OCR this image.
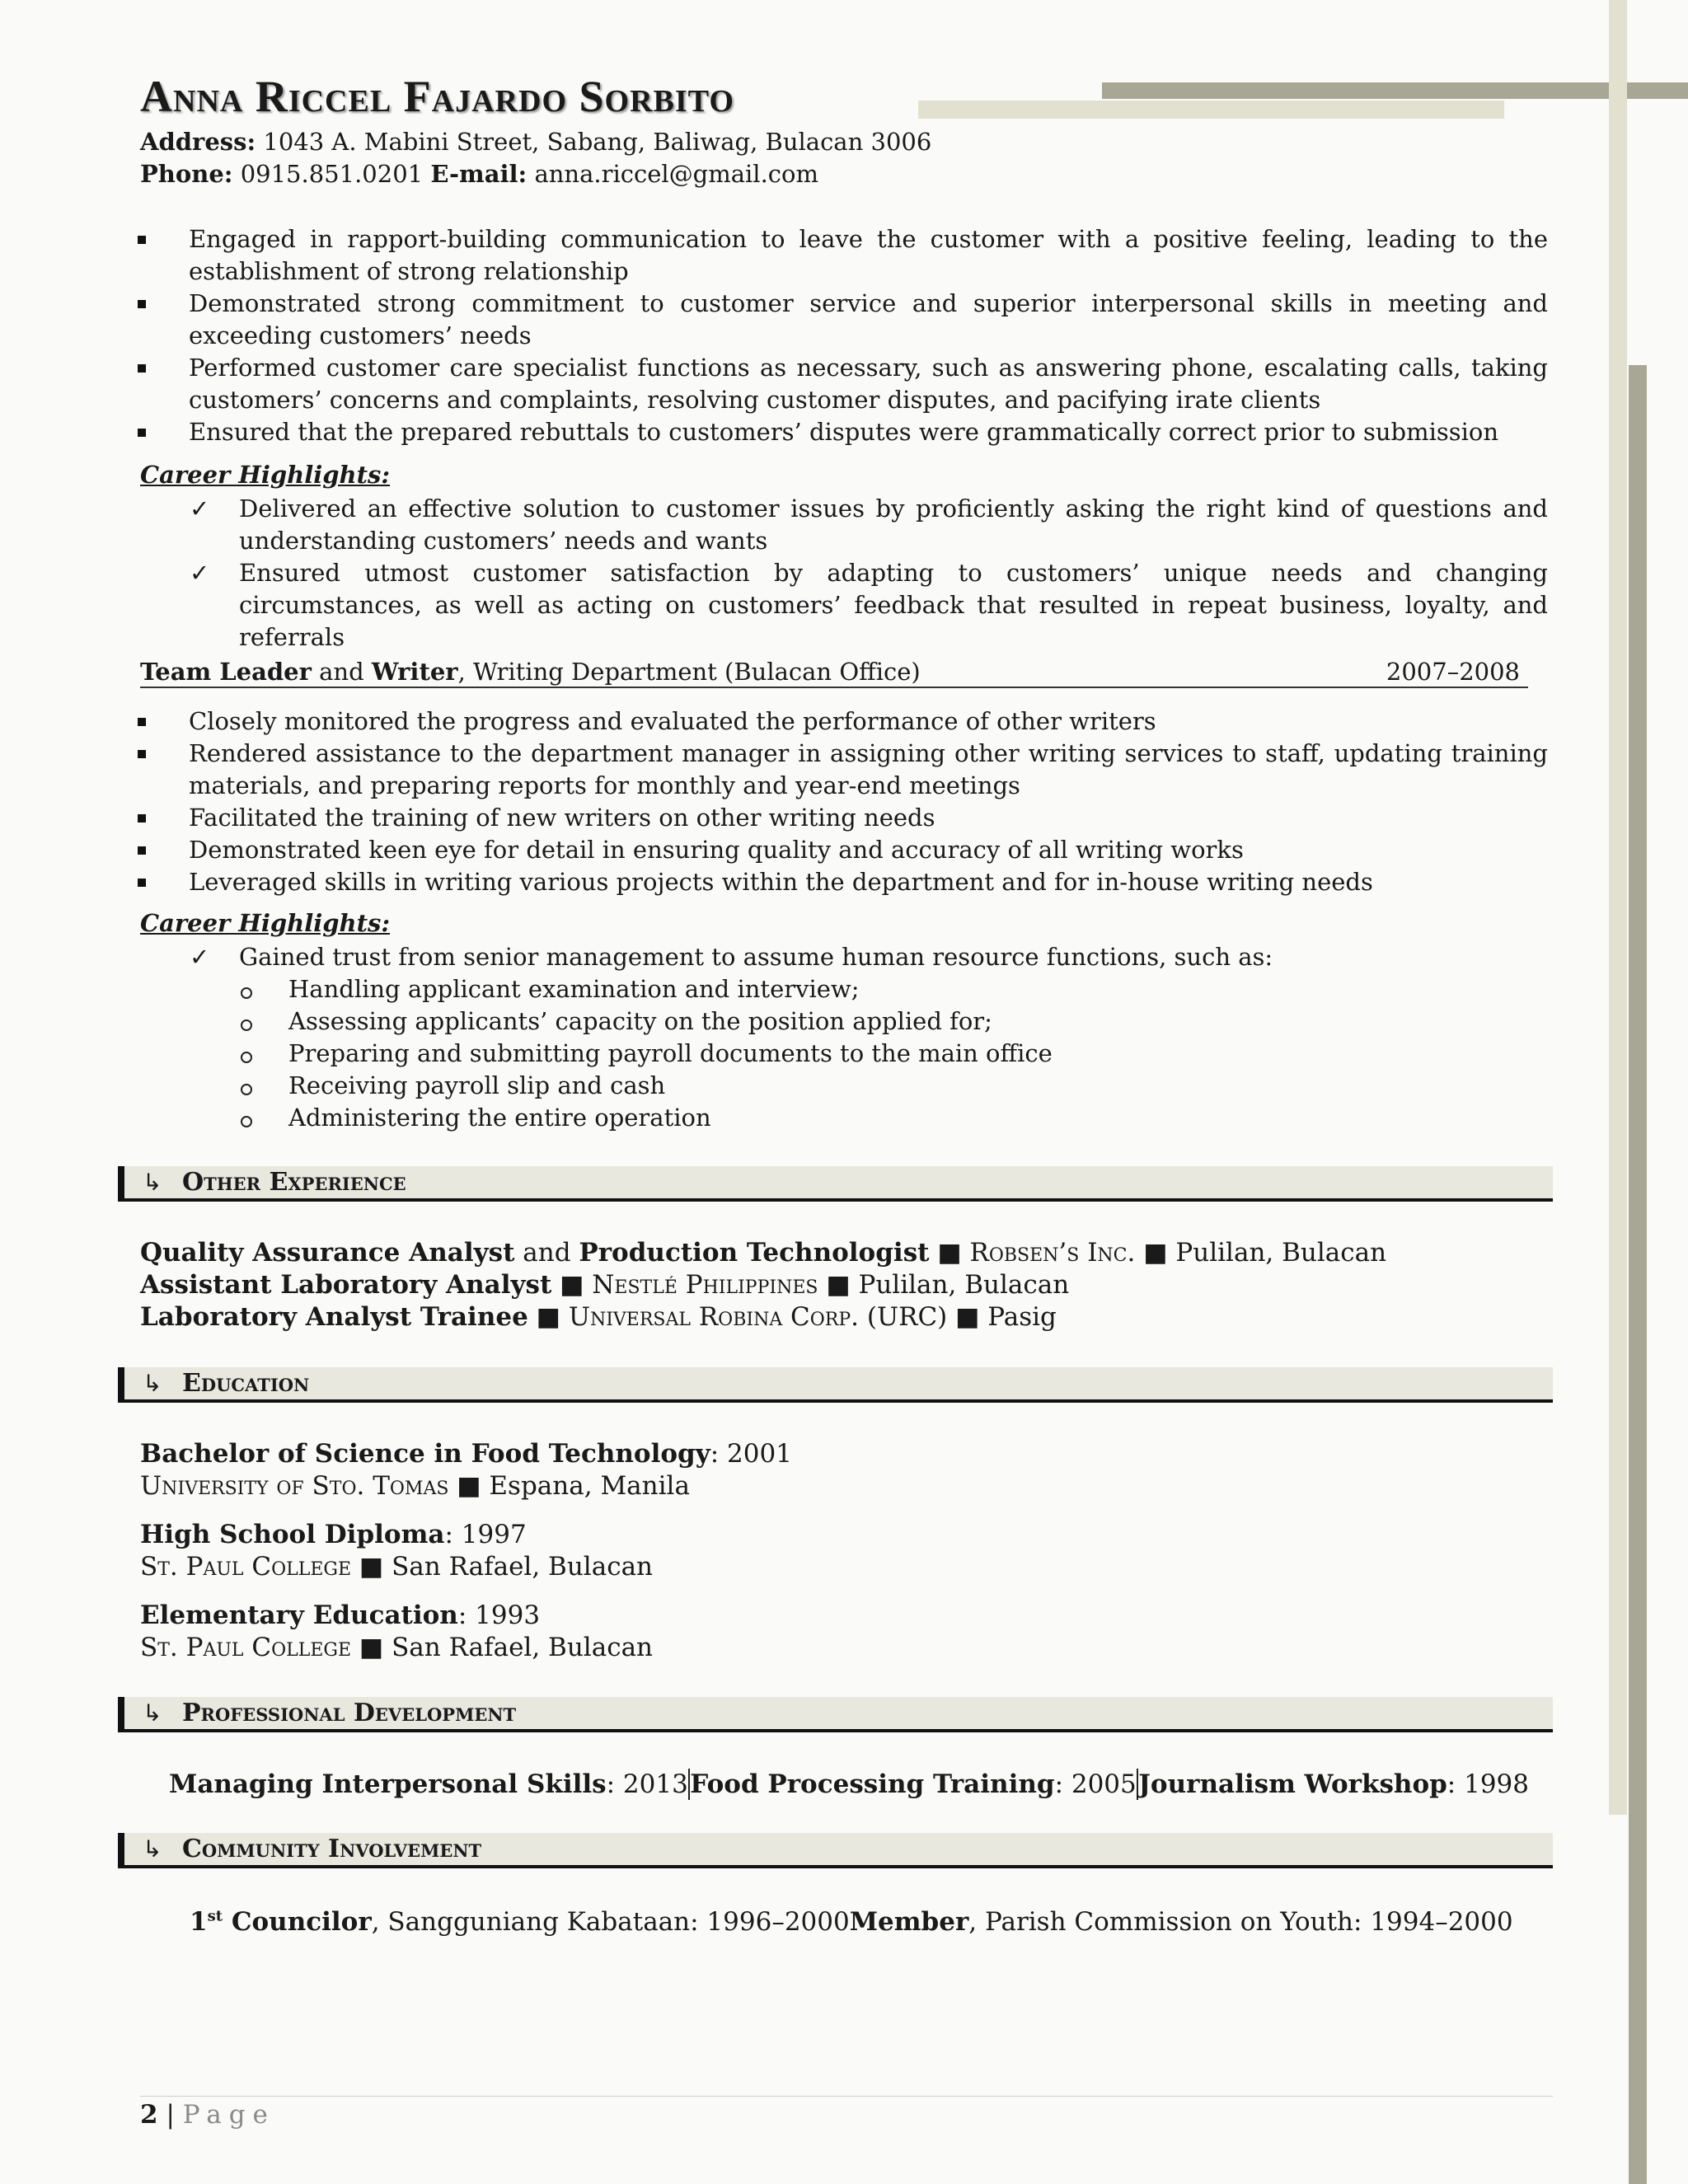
Anna Riccel Fajardo Sorbito
Address: 1043 A. Mabini Street, Sabang, Baliwag, Bulacan 3006
Phone: 0915.851.0201 E-mail: anna.riccel@gmail.com
Engaged in rapport-building communication to leave the customer with a positive feeling, leading to the establishment of strong relationship
Demonstrated strong commitment to customer service and superior interpersonal skills in meeting and exceeding customers’ needs
Performed customer care specialist functions as necessary, such as answering phone, escalating calls, taking customers’ concerns and complaints, resolving customer disputes, and pacifying irate clients
Ensured that the prepared rebuttals to customers’ disputes were grammatically correct prior to submission
Career Highlights:
✓ Delivered an effective solution to customer issues by proficiently asking the right kind of questions and understanding customers’ needs and wants
✓ Ensured utmost customer satisfaction by adapting to customers’ unique needs and changing circumstances, as well as acting on customers’ feedback that resulted in repeat business, loyalty, and referrals
Team Leader and Writer, Writing Department (Bulacan Office)	2007–2008
Closely monitored the progress and evaluated the performance of other writers
Rendered assistance to the department manager in assigning other writing services to staff, updating training materials, and preparing reports for monthly and year-end meetings
Facilitated the training of new writers on other writing needs
Demonstrated keen eye for detail in ensuring quality and accuracy of all writing works
Leveraged skills in writing various projects within the department and for in-house writing needs
Career Highlights:
✓ Gained trust from senior management to assume human resource functions, such as:
Handling applicant examination and interview;
Assessing applicants’ capacity on the position applied for;
Preparing and submitting payroll documents to the main office
Receiving payroll slip and cash
Administering the entire operation
↳ Other Experience
Quality Assurance Analyst and Production Technologist ■ Robsen’s Inc. ■ Pulilan, Bulacan
Assistant Laboratory Analyst ■ Nestlé Philippines ■ Pulilan, Bulacan
Laboratory Analyst Trainee ■ Universal Robina Corp. (URC) ■ Pasig
↳ Education
Bachelor of Science in Food Technology: 2001
University of Sto. Tomas ■ Espana, Manila
High School Diploma: 1997
St. Paul College ■ San Rafael, Bulacan
Elementary Education: 1993
St. Paul College ■ San Rafael, Bulacan
↳ Professional Development
Managing Interpersonal Skills: 2013 Food Processing Training: 2005 Journalism Workshop: 1998
↳ Community Involvement
1st Councilor, Sangguniang Kabataan: 1996–2000 Member, Parish Commission on Youth: 1994–2000
2 | Page
